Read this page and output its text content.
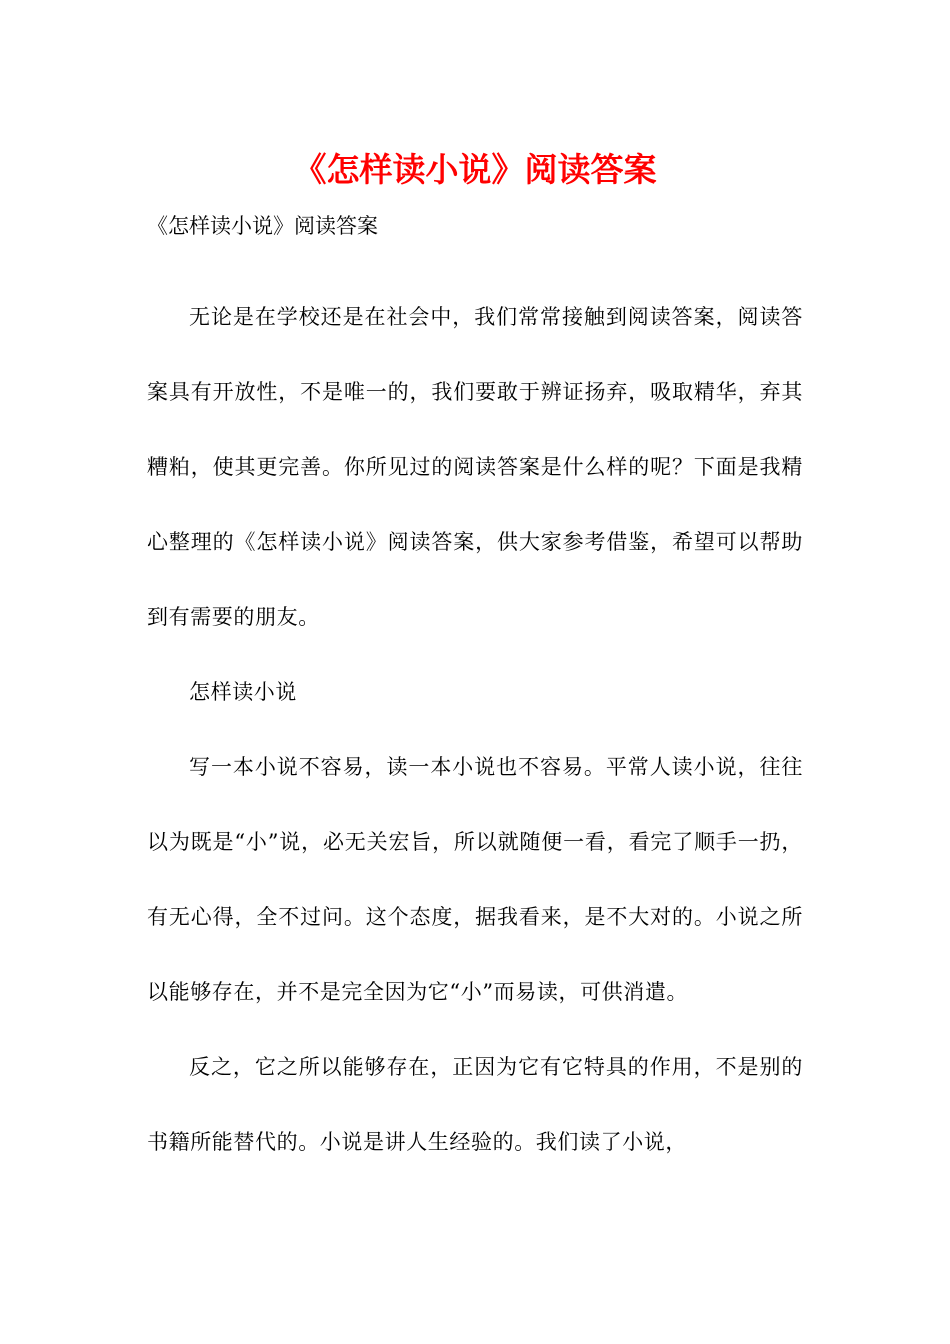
《怎样读小说》阅读答案

《怎样读小说》阅读答案

无论是在学校还是在社会中，我们常常接触到阅读答案，阅读答案具有开放性，不是唯一的，我们要敢于辨证扬弃，吸取精华，弃其糟粕，使其更完善。你所见过的阅读答案是什么样的呢？下面是我精心整理的《怎样读小说》阅读答案，供大家参考借鉴，希望可以帮助到有需要的朋友。

怎样读小说

写一本小说不容易，读一本小说也不容易。平常人读小说，往往以为既是“小”说，必无关宏旨，所以就随便一看，看完了顺手一扔，有无心得，全不过问。这个态度，据我看来，是不大对的。小说之所以能够存在，并不是完全因为它“小”而易读，可供消遣。

反之，它之所以能够存在，正因为它有它特具的作用，不是别的书籍所能替代的。小说是讲人生经验的。我们读了小说，
